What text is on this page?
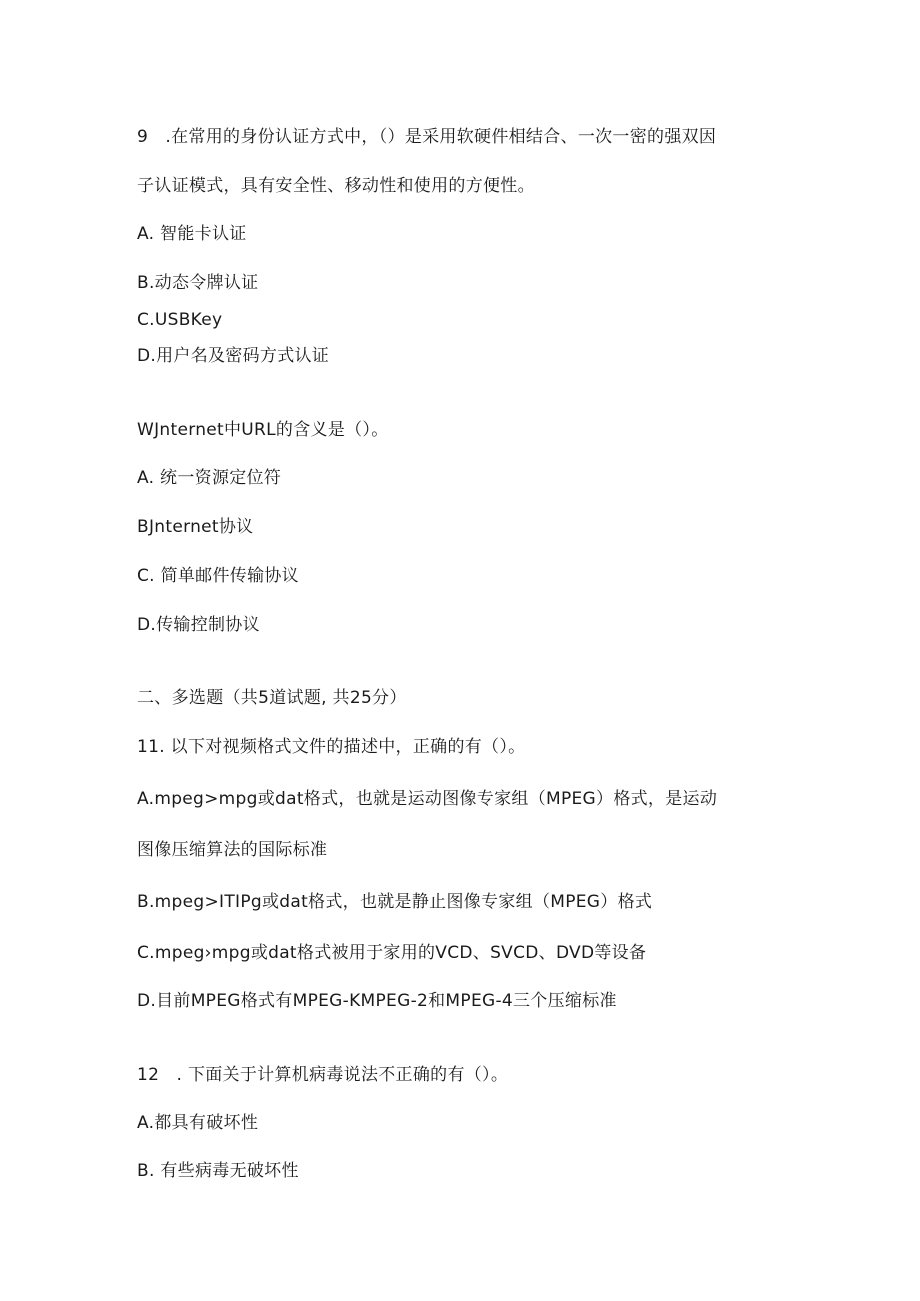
9　.在常用的身份认证方式中，（）是采用软硬件相结合、一次一密的强双因
子认证模式，具有安全性、移动性和使用的方便性。
A. 智能卡认证
B.动态令牌认证
C.USBKey
D.用户名及密码方式认证
WJnternet中URL的含义是（）。
A. 统一资源定位符
BJnternet协议
C. 简单邮件传输协议
D.传输控制协议
二、多选题（共5道试题, 共25分）
11. 以下对视频格式文件的描述中，正确的有（）。
A.mpeg>mpg或dat格式，也就是运动图像专家组（MPEG）格式，是运动
图像压缩算法的国际标准
B.mpeg>ITIPg或dat格式，也就是静止图像专家组（MPEG）格式
C.mpeg›mpg或dat格式被用于家用的VCD、SVCD、DVD等设备
D.目前MPEG格式有MPEG-KMPEG-2和MPEG-4三个压缩标准
12　. 下面关于计算机病毒说法不正确的有（）。
A.都具有破坏性
B. 有些病毒无破坏性
